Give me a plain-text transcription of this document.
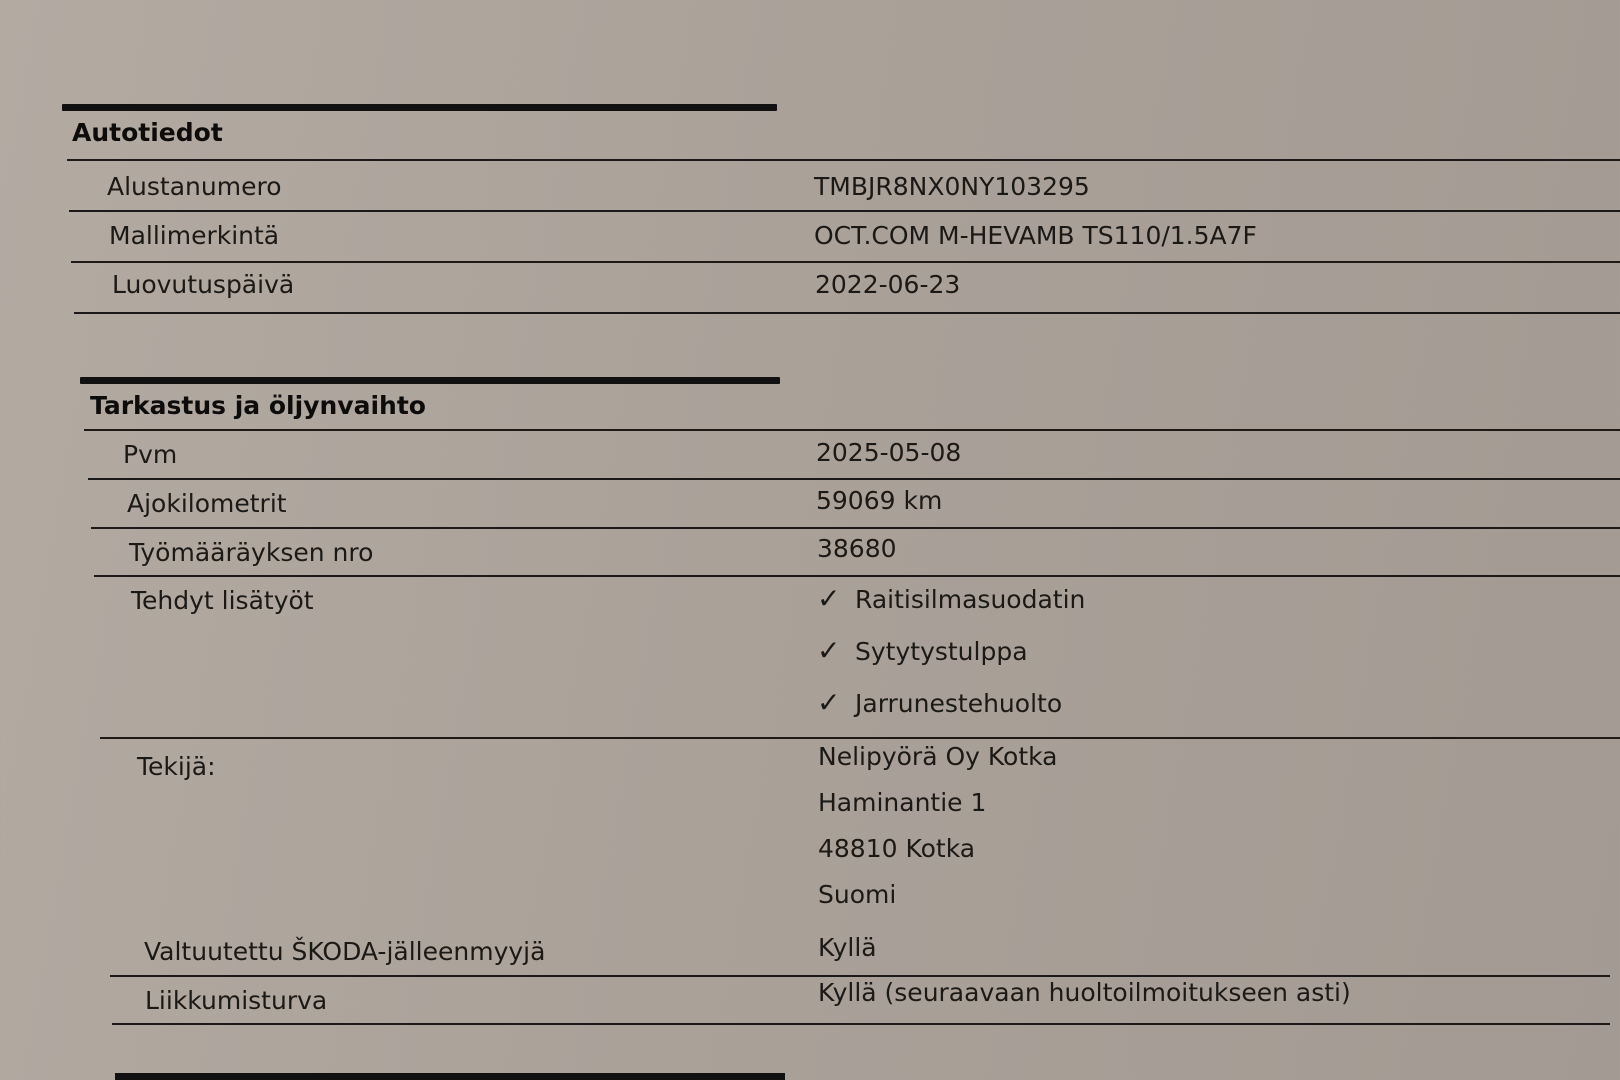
Autotiedot
Alustanumero	TMBJR8NX0NY103295
Mallimerkintä	OCT.COM M-HEVAMB TS110/1.5A7F
Luovutuspäivä	2022-06-23
Tarkastus ja öljynvaihto
Pvm	2025-05-08
Ajokilometrit	59069 km
Työmääräyksen nro	38680
Tehdyt lisätyöt	✓ Raitisilmasuodatin
✓ Sytytystulppa
✓ Jarrunestehuolto
Tekijä:	Nelipyörä Oy Kotka
Haminantie 1
48810 Kotka
Suomi
Valtuutettu ŠKODA-jälleenmyyjä	Kyllä
Liikkumisturva	Kyllä (seuraavaan huoltoilmoitukseen asti)
